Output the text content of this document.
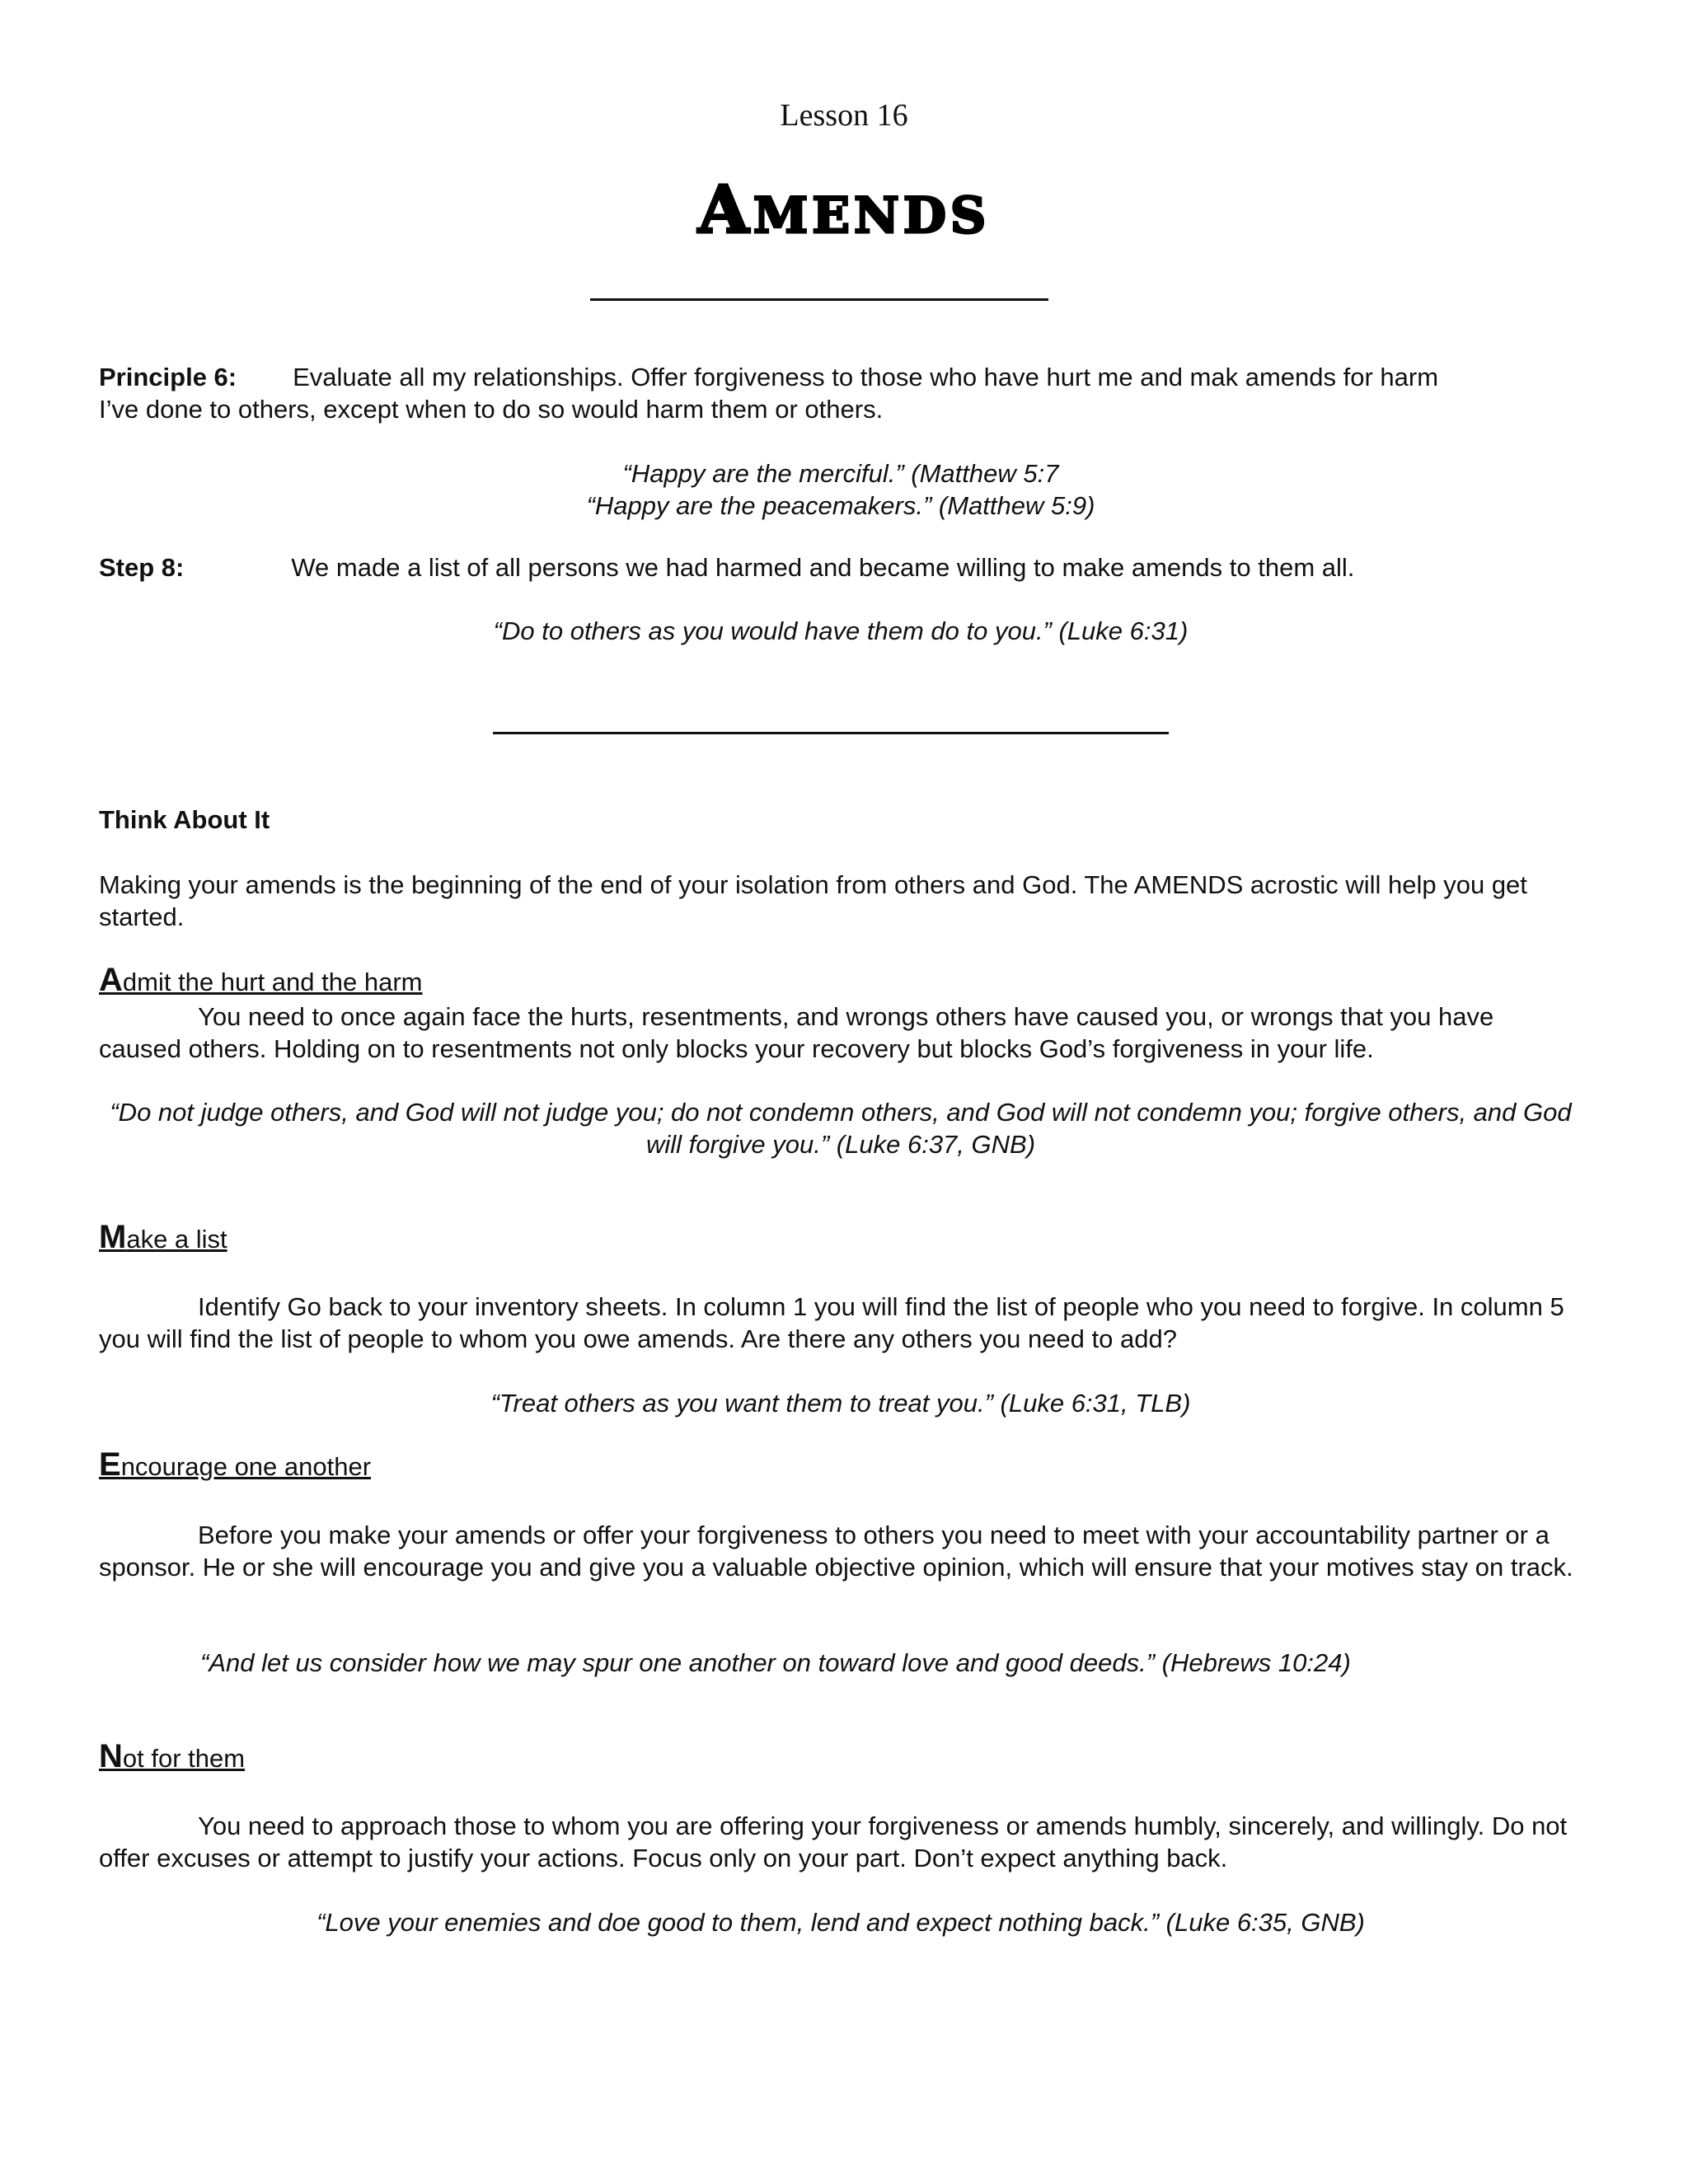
Lesson 16
AMENDS

Principle 6: Evaluate all my relationships. Offer forgiveness to those who have hurt me and mak amends for harm
I’ve done to others, except when to do so would harm them or others.

“Happy are the merciful.” (Matthew 5:7

“Happy are the peacemakers.” (Matthew 5:9)

Step 8:	We made a list of all persons we had harmed and became willing to make amends to them all.

“Do to others as you would have them do to you.” (Luke 6:31)

Think About It

Making your amends is the beginning of the end of your isolation from others and God. The AMENDS acrostic will help you get started.

Admit the hurt and the harm

You need to once again face the hurts, resentments, and wrongs others have caused you, or wrongs that you have caused others. Holding on to resentments not only blocks your recovery but blocks God’s forgiveness in your life.

“Do not judge others, and God will not judge you; do not condemn others, and God will not condemn you; forgive others, and God will forgive you.” (Luke 6:37, GNB)

Make a list

Identify Go back to your inventory sheets. In column 1 you will find the list of people who you need to forgive. In column 5 you will find the list of people to whom you owe amends. Are there any others you need to add?

“Treat others as you want them to treat you.” (Luke 6:31, TLB)

Encourage one another

Before you make your amends or offer your forgiveness to others you need to meet with your accountability partner or a sponsor. He or she will encourage you and give you a valuable objective opinion, which will ensure that your motives stay on track.

“And let us consider how we may spur one another on toward love and good deeds.” (Hebrews 10:24)

Not for them

You need to approach those to whom you are offering your forgiveness or amends humbly, sincerely, and willingly. Do not offer excuses or attempt to justify your actions. Focus only on your part. Don’t expect anything back.

“Love your enemies and doe good to them, lend and expect nothing back.” (Luke 6:35, GNB)
